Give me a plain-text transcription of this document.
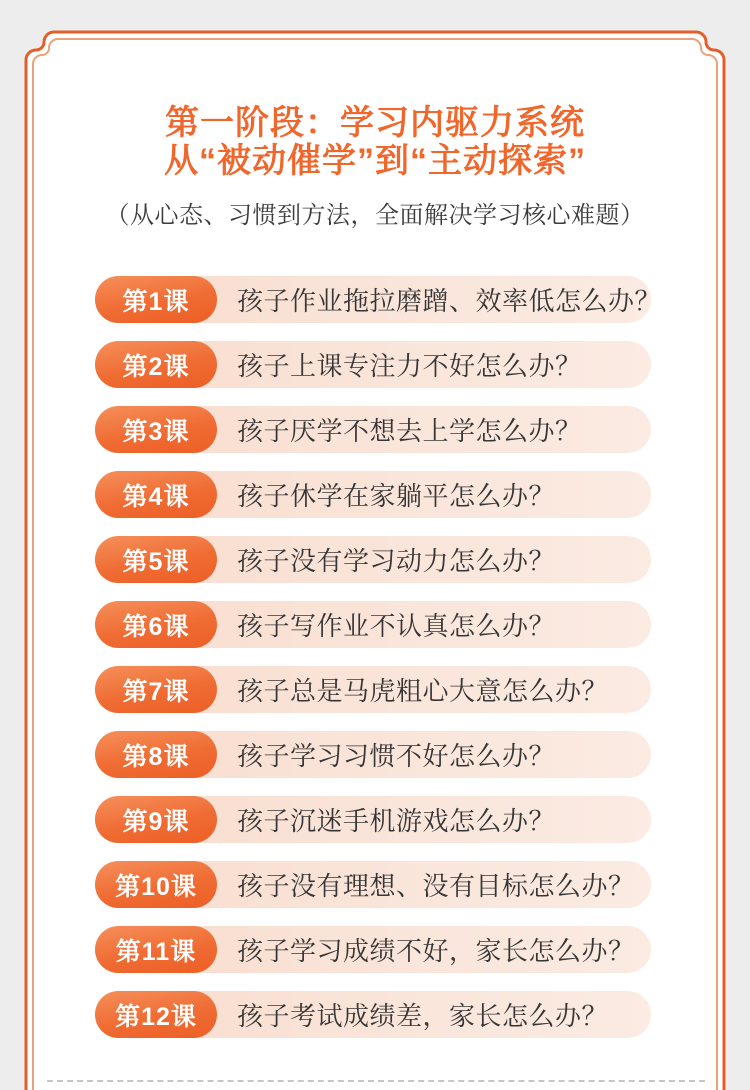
第一阶段：学习内驱力系统
从“被动催学”到“主动探索”
（从心态、习惯到方法，全面解决学习核心难题）
第1课	孩子作业拖拉磨蹭、效率低怎么办？
第2课	孩子上课专注力不好怎么办？
第3课	孩子厌学不想去上学怎么办？
第4课	孩子休学在家躺平怎么办？
第5课	孩子没有学习动力怎么办？
第6课	孩子写作业不认真怎么办？
第7课	孩子总是马虎粗心大意怎么办？
第8课	孩子学习习惯不好怎么办？
第9课	孩子沉迷手机游戏怎么办？
第10课	孩子没有理想、没有目标怎么办？
第11课	孩子学习成绩不好，家长怎么办？
第12课	孩子考试成绩差，家长怎么办？
